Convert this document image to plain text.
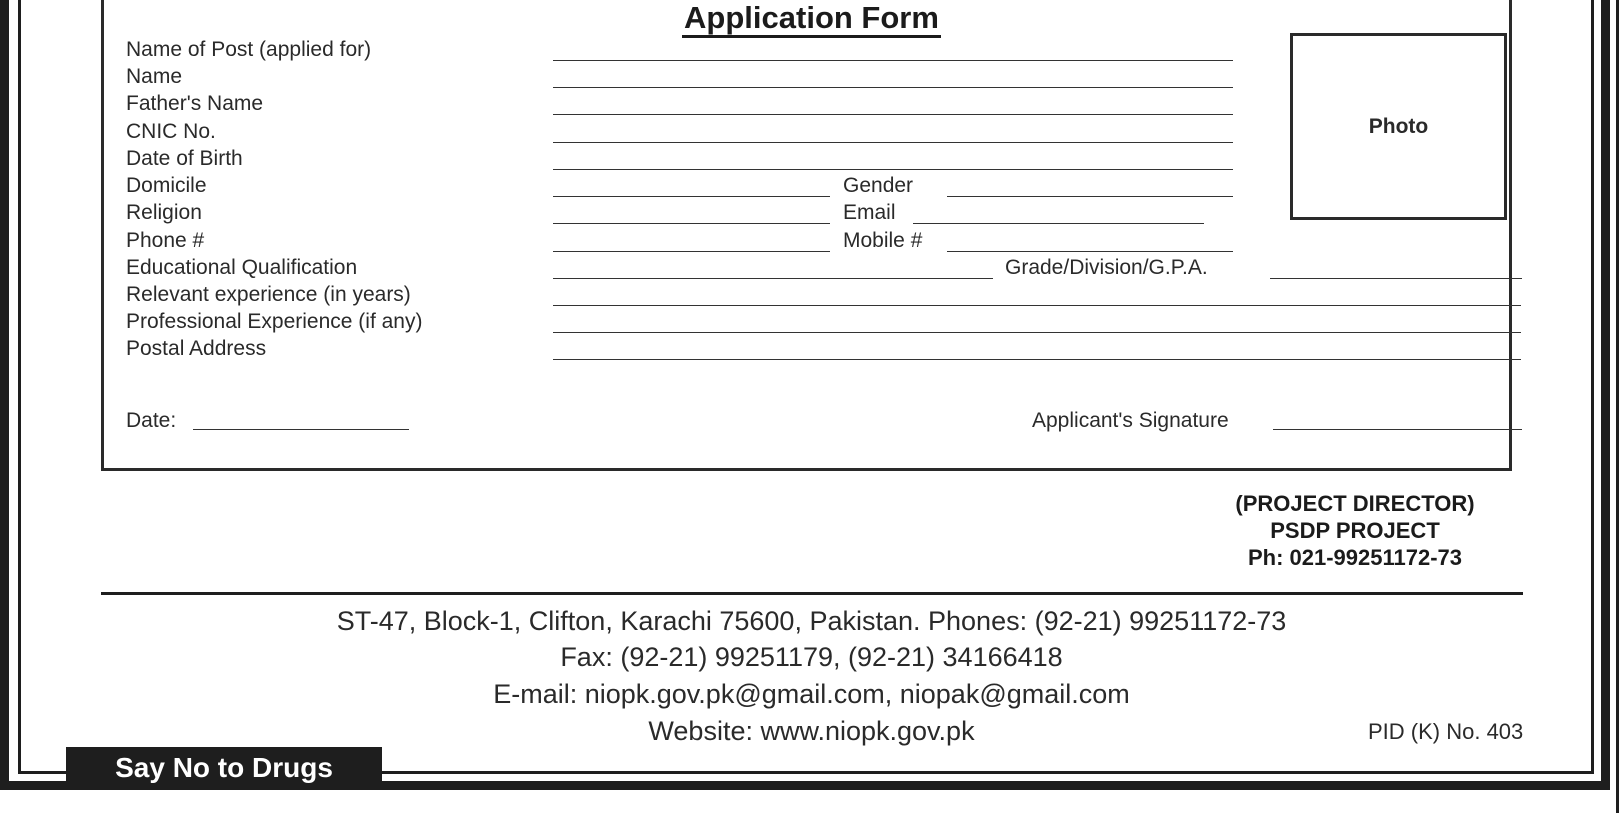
Application Form
Name of Post (applied for)
Name
Father's Name
CNIC No.
Date of Birth
Domicile
Religion
Phone #
Educational Qualification
Relevant experience (in years)
Professional Experience (if any)
Postal Address
Gender
Email
Mobile #
Grade/Division/G.P.A.
Date:	Applicant's Signature
Photo
(PROJECT DIRECTOR)
PSDP PROJECT
Ph: 021-99251172-73
ST-47, Block-1, Clifton, Karachi 75600, Pakistan. Phones: (92-21) 99251172-73
Fax: (92-21) 99251179, (92-21) 34166418
E-mail: niopk.gov.pk@gmail.com, niopak@gmail.com
Website: www.niopk.gov.pk	PID (K) No. 403
Say No to Drugs
